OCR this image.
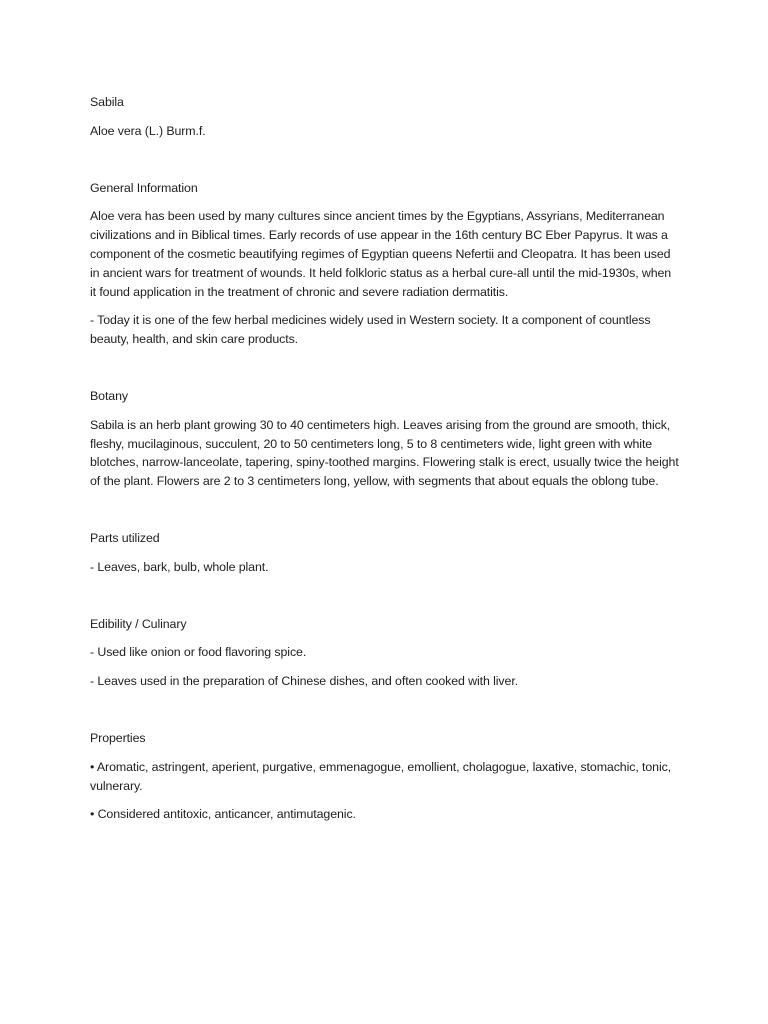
Sabila

Aloe vera (L.) Burm.f.

General Information

Aloe vera has been used by many cultures since ancient times by the Egyptians, Assyrians, Mediterranean civilizations and in Biblical times. Early records of use appear in the 16th century BC Eber Papyrus. It was a component of the cosmetic beautifying regimes of Egyptian queens Nefertii and Cleopatra. It has been used in ancient wars for treatment of wounds. It held folkloric status as a herbal cure-all until the mid-1930s, when it found application in the treatment of chronic and severe radiation dermatitis.

- Today it is one of the few herbal medicines widely used in Western society. It a component of countless beauty, health, and skin care products.

Botany

Sabila is an herb plant growing 30 to 40 centimeters high. Leaves arising from the ground are smooth, thick, fleshy, mucilaginous, succulent, 20 to 50 centimeters long, 5 to 8 centimeters wide, light green with white blotches, narrow-lanceolate, tapering, spiny-toothed margins. Flowering stalk is erect, usually twice the height of the plant. Flowers are 2 to 3 centimeters long, yellow, with segments that about equals the oblong tube.

Parts utilized

- Leaves, bark, bulb, whole plant.

Edibility / Culinary

- Used like onion or food flavoring spice.

- Leaves used in the preparation of Chinese dishes, and often cooked with liver.

Properties

• Aromatic, astringent, aperient, purgative, emmenagogue, emollient, cholagogue, laxative, stomachic, tonic, vulnerary.

• Considered antitoxic, anticancer, antimutagenic.
